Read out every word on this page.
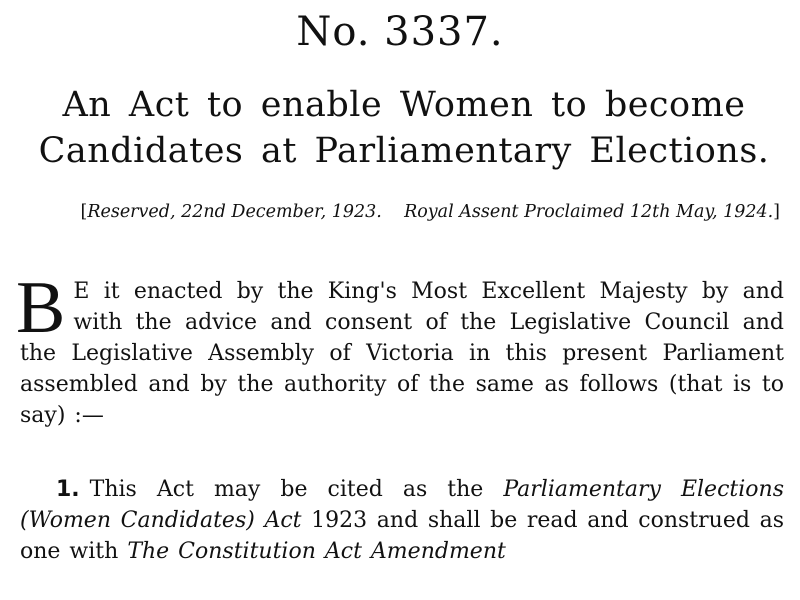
No. 3337.
An Act to enable Women to become Candidates at Parliamentary Elections.
[Reserved, 22nd December, 1923. Royal Assent Proclaimed 12th May, 1924.]
B E it enacted by the King's Most Excellent Majesty by and with the advice and consent of the Legislative Council and the Legislative Assembly of Victoria in this present Parliament assembled and by the authority of the same as follows (that is to say) :—
1. This Act may be cited as the Parliamentary Elections (Women Candidates) Act 1923 and shall be read and construed as one with The Constitution Act Amendment
